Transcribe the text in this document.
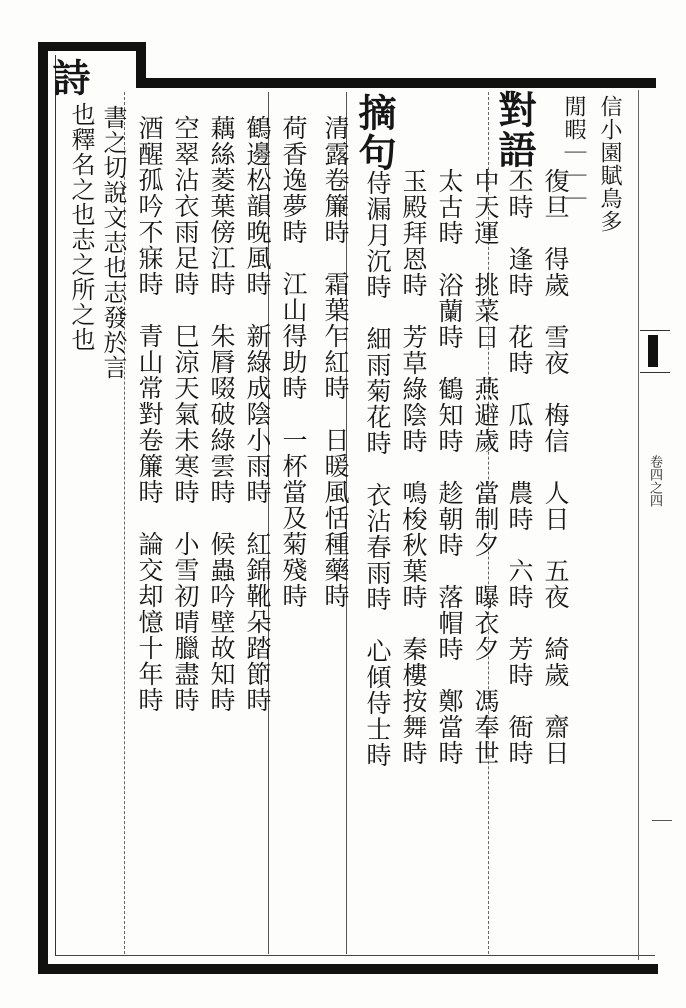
詩
書之切說文志也志發於言
也釋名之也志之所之也 酒醒孤吟不寐時　青山常對卷簾時　論交却憶十年時 空翠沾衣雨足時　巳涼天氣未寒時　小雪初晴臘盡時 藕絲菱葉傍江時　朱脣啜破綠雲時　候蟲吟壁故知時 鶴邊松韻晚風時　新綠成陰小雨時　紅錦靴朵踏節時 荷香逸夢時　江山得助時　一杯當及菊殘時 清露卷簾時　霜葉乍紅時　日暖風恬種藥時 摘句
侍漏月沉時　細雨菊花時　衣沾春雨時　心傾侍士時 玉殿拜恩時　芳草綠陰時　鳴梭秋葉時　秦樓按舞時 太古時　浴蘭時　鶴知時　趁朝時　落帽時　鄭當時 中天運　挑菜日　燕避歲　當制夕　曝衣夕　馮奉世
對語
丕時　逢時　花時　瓜時　農時　六時　芳時　衙時 復旦　得歲　雪夜　梅信　人日　五夜　綺歲　齋日
閒暇｜｜｜ 信小園賦鳥多
卷四之四
